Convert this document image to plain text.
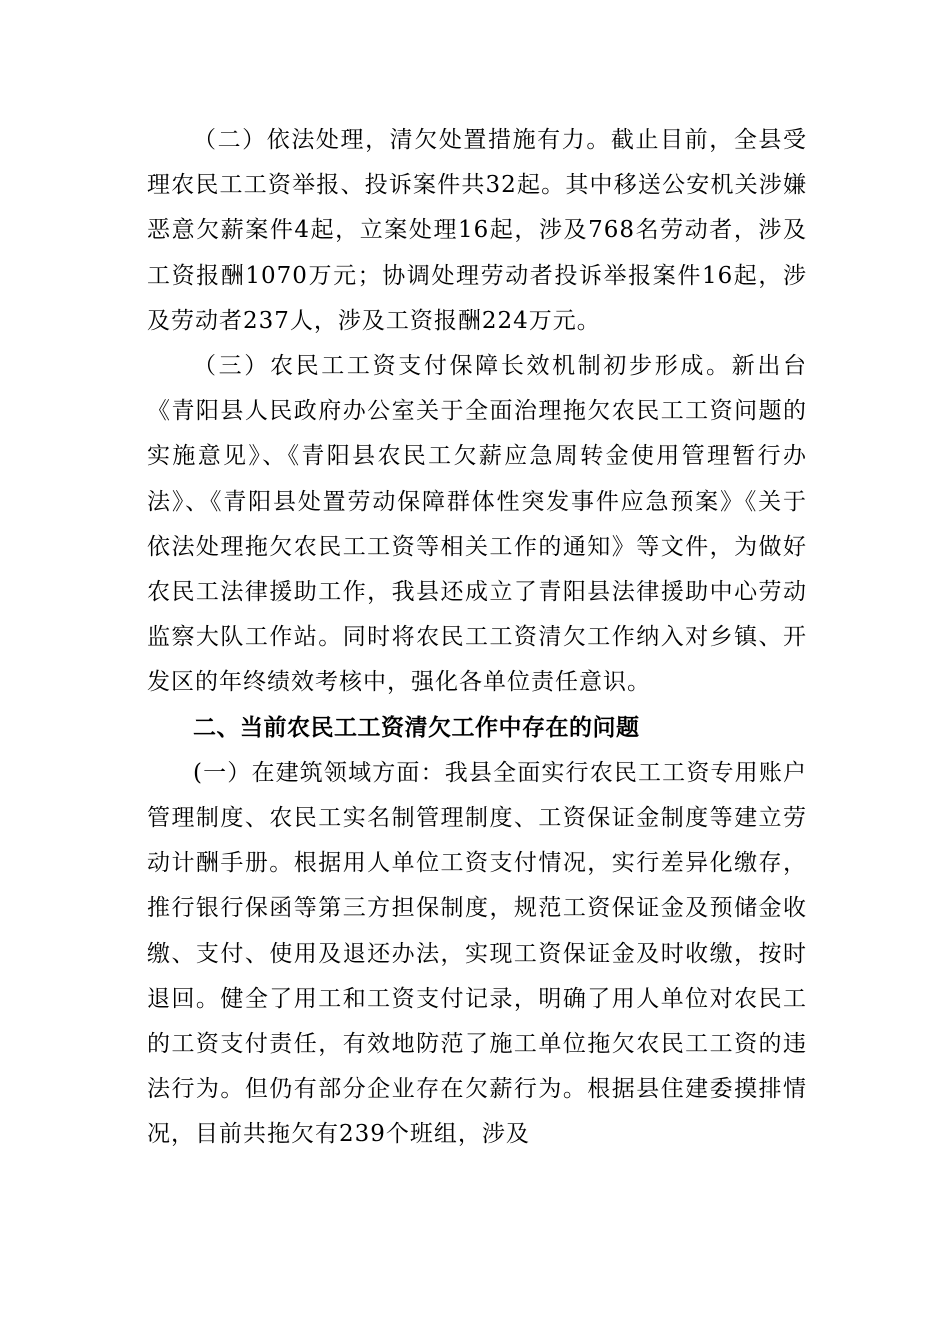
（二）依法处理，清欠处置措施有力。截止目前，全县受理农民工工资举报、投诉案件共32起。其中移送公安机关涉嫌恶意欠薪案件4起，立案处理16起，涉及768名劳动者，涉及工资报酬1070万元；协调处理劳动者投诉举报案件16起，涉及劳动者237人，涉及工资报酬224万元。

（三）农民工工资支付保障长效机制初步形成。新出台《青阳县人民政府办公室关于全面治理拖欠农民工工资问题的实施意见》、《青阳县农民工欠薪应急周转金使用管理暂行办法》、《青阳县处置劳动保障群体性突发事件应急预案》《关于依法处理拖欠农民工工资等相关工作的通知》等文件，为做好农民工法律援助工作，我县还成立了青阳县法律援助中心劳动监察大队工作站。同时将农民工工资清欠工作纳入对乡镇、开发区的年终绩效考核中，强化各单位责任意识。

二、当前农民工工资清欠工作中存在的问题

(一）在建筑领域方面：我县全面实行农民工工资专用账户管理制度、农民工实名制管理制度、工资保证金制度等建立劳动计酬手册。根据用人单位工资支付情况，实行差异化缴存，推行银行保函等第三方担保制度，规范工资保证金及预储金收缴、支付、使用及退还办法，实现工资保证金及时收缴，按时退回。健全了用工和工资支付记录，明确了用人单位对农民工的工资支付责任，有效地防范了施工单位拖欠农民工工资的违法行为。但仍有部分企业存在欠薪行为。根据县住建委摸排情况，目前共拖欠有239个班组，涉及
